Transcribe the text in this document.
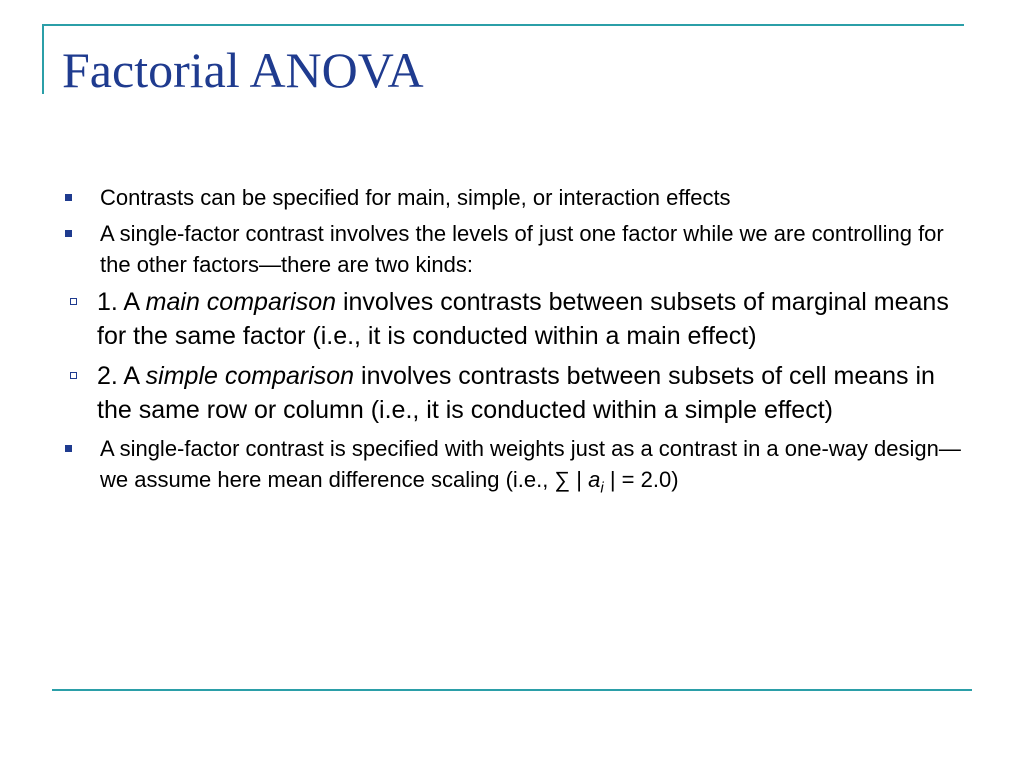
Factorial ANOVA
Contrasts can be specified for main, simple, or interaction effects
A single-factor contrast involves the levels of just one factor while we are controlling for the other factors—there are two kinds:
1. A main comparison involves contrasts between subsets of marginal means for the same factor (i.e., it is conducted within a main effect)
2. A simple comparison involves contrasts between subsets of cell means in the same row or column (i.e., it is conducted within a simple effect)
A single-factor contrast is specified with weights just as a contrast in a one-way design—we assume here mean difference scaling (i.e., ∑ | $a_i$ | = 2.0)
